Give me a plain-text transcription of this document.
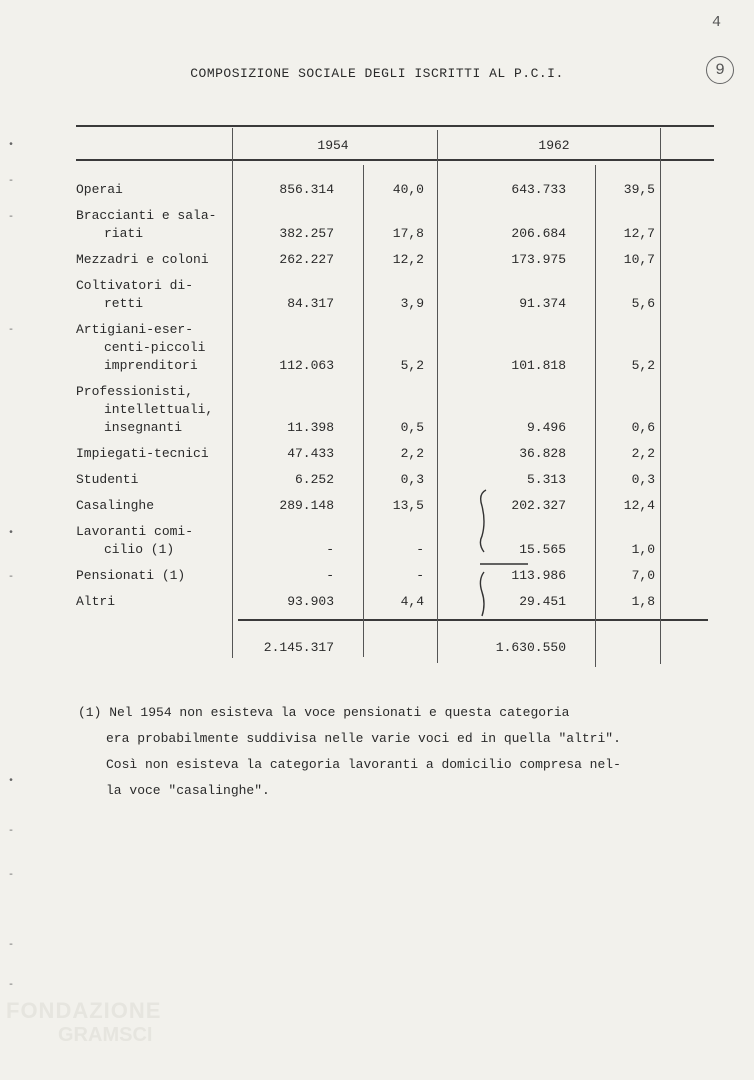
4
9
COMPOSIZIONE SOCIALE DEGLI ISCRITTI AL P.C.I.
1954	1962
Operai	856.314	40,0	643.733	39,5
Braccianti e sala-
riati	382.257	17,8	206.684	12,7
Mezzadri e coloni	262.227	12,2	173.975	10,7
Coltivatori di-
retti	84.317	3,9	91.374	5,6
Artigiani-eser-
centi-piccoli
imprenditori	112.063	5,2	101.818	5,2
Professionisti,
intellettuali,
insegnanti	11.398	0,5	9.496	0,6
Impiegati-tecnici	47.433	2,2	36.828	2,2
Studenti	6.252	0,3	5.313	0,3
Casalinghe	289.148	13,5	202.327	12,4
Lavoranti comi-
cilio (1)	-	-	15.565	1,0
Pensionati (1)	-	-	113.986	7,0
Altri	93.903	4,4	29.451	1,8
2.145.317	1.630.550
(1) Nel 1954 non esisteva la voce pensionati e questa categoria
era probabilmente suddivisa nelle varie voci ed in quella "altri".
Così non esisteva la categoria lavoranti a domicilio compresa nel-
la voce "casalinghe".
•
-
-
-
•
-
•
-
-
-
-
FONDAZIONE
GRAMSCI
